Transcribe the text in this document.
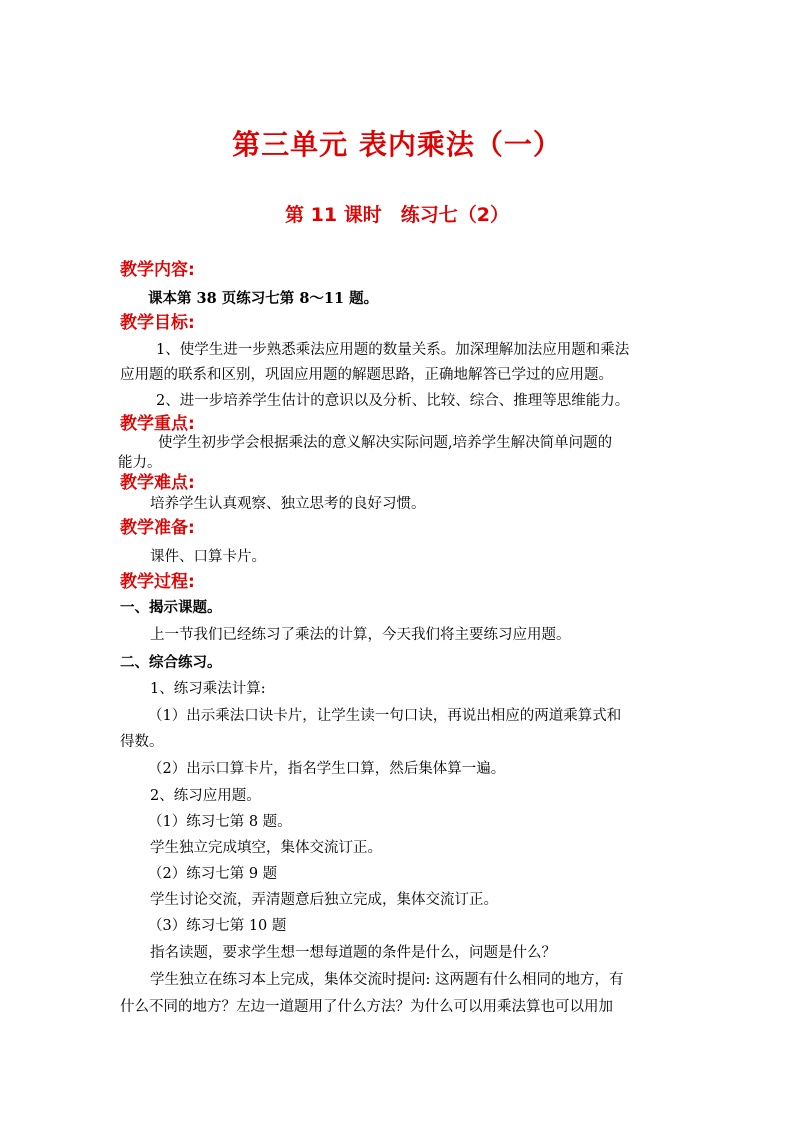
第三单元 表内乘法（一）
第 11 课时　练习七（2）
教学内容:
课本第 38 页练习七第 8～11 题。
教学目标:
1、使学生进一步熟悉乘法应用题的数量关系。加深理解加法应用题和乘法
应用题的联系和区别，巩固应用题的解题思路，正确地解答已学过的应用题。
2、进一步培养学生估计的意识以及分析、比较、综合、推理等思维能力。
教学重点:
使学生初步学会根据乘法的意义解决实际问题,培养学生解决简单问题的
能力。
教学难点:
培养学生认真观察、独立思考的良好习惯。
教学准备:
课件、口算卡片。
教学过程:
一、揭示课题。
上一节我们已经练习了乘法的计算，今天我们将主要练习应用题。
二、综合练习。
1、练习乘法计算:
（1）出示乘法口诀卡片，让学生读一句口诀，再说出相应的两道乘算式和
得数。
（2）出示口算卡片，指名学生口算，然后集体算一遍。
2、练习应用题。
（1）练习七第 8 题。
学生独立完成填空，集体交流订正。
（2）练习七第 9 题
学生讨论交流，弄清题意后独立完成，集体交流订正。
（3）练习七第 10 题
指名读题，要求学生想一想每道题的条件是什么，问题是什么？
学生独立在练习本上完成，集体交流时提问: 这两题有什么相同的地方，有
什么不同的地方？左边一道题用了什么方法？为什么可以用乘法算也可以用加
